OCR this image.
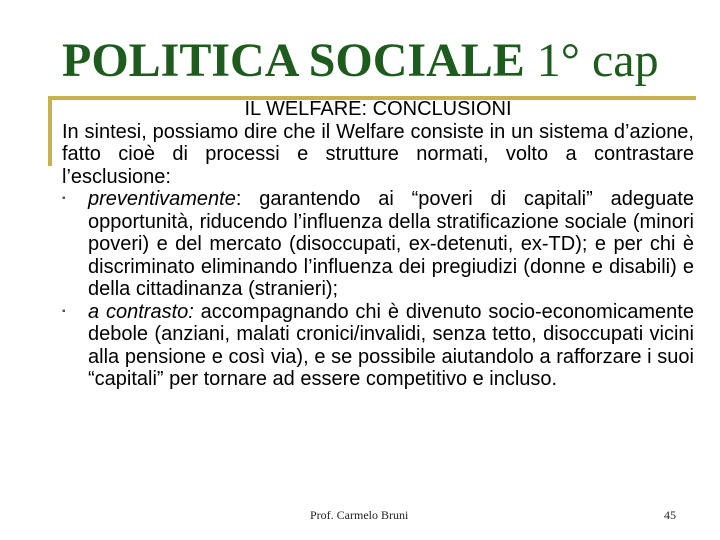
POLITICA SOCIALE 1° cap

IL WELFARE: CONCLUSIONI

In sintesi, possiamo dire che il Welfare consiste in un sistema d’azione, fatto cioè di processi e strutture normati, volto a contrastare l’esclusione:

▪ preventivamente: garantendo ai “poveri di capitali” adeguate opportunità, riducendo l’influenza della stratificazione sociale (minori poveri) e del mercato (disoccupati, ex-detenuti, ex-TD); e per chi è discriminato eliminando l’influenza dei pregiudizi (donne e disabili) e della cittadinanza (stranieri);
▪ a contrasto: accompagnando chi è divenuto socio-economicamente debole (anziani, malati cronici/invalidi, senza tetto, disoccupati vicini alla pensione e così via), e se possibile aiutandolo a rafforzare i suoi “capitali” per tornare ad essere competitivo e incluso.
Prof. Carmelo Bruni	45
